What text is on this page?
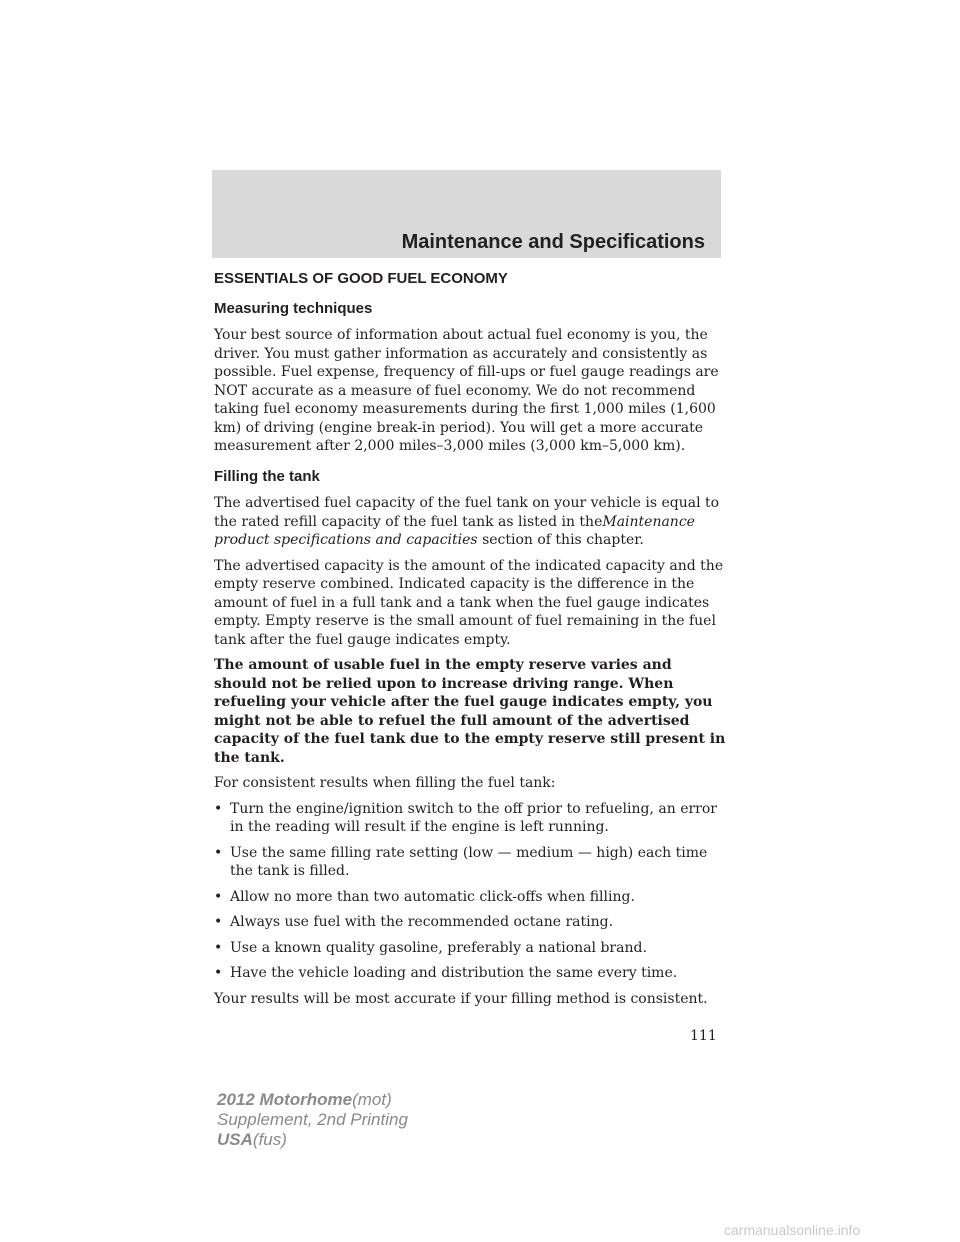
Maintenance and Specifications
ESSENTIALS OF GOOD FUEL ECONOMY
Measuring techniques

Your best source of information about actual fuel economy is you, the driver. You must gather information as accurately and consistently as possible. Fuel expense, frequency of fill-ups or fuel gauge readings are NOT accurate as a measure of fuel economy. We do not recommend taking fuel economy measurements during the first 1,000 miles (1,600 km) of driving (engine break-in period). You will get a more accurate measurement after 2,000 miles–3,000 miles (3,000 km–5,000 km).

Filling the tank

The advertised fuel capacity of the fuel tank on your vehicle is equal to the rated refill capacity of the fuel tank as listed in theMaintenance product specifications and capacities section of this chapter.

The advertised capacity is the amount of the indicated capacity and the empty reserve combined. Indicated capacity is the difference in the amount of fuel in a full tank and a tank when the fuel gauge indicates empty. Empty reserve is the small amount of fuel remaining in the fuel tank after the fuel gauge indicates empty.

The amount of usable fuel in the empty reserve varies and should not be relied upon to increase driving range. When refueling your vehicle after the fuel gauge indicates empty, you might not be able to refuel the full amount of the advertised capacity of the fuel tank due to the empty reserve still present in the tank.

For consistent results when filling the fuel tank:

• Turn the engine/ignition switch to the off prior to refueling, an error in the reading will result if the engine is left running.
• Use the same filling rate setting (low — medium — high) each time the tank is filled.
• Allow no more than two automatic click-offs when filling.
• Always use fuel with the recommended octane rating.
• Use a known quality gasoline, preferably a national brand.
• Have the vehicle loading and distribution the same every time.

Your results will be most accurate if your filling method is consistent.

111
2012 Motorhome(mot)
Supplement, 2nd Printing
USA(fus)
carmanualsonline.info
